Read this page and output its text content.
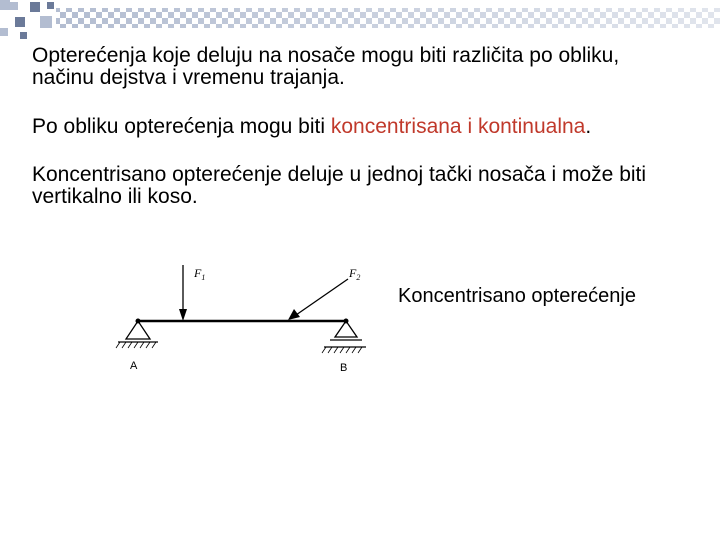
Opterećenja koje deluju na nosače mogu biti različita po obliku, načinu dejstva i vremenu trajanja.

Po obliku opterećenja mogu biti koncentrisana i kontinualna.

Koncentrisano opterećenje deluje u jednoj tački nosača i može biti vertikalno ili koso.

$F_1$	$F_2$
A	B

Koncentrisano opterećenje
